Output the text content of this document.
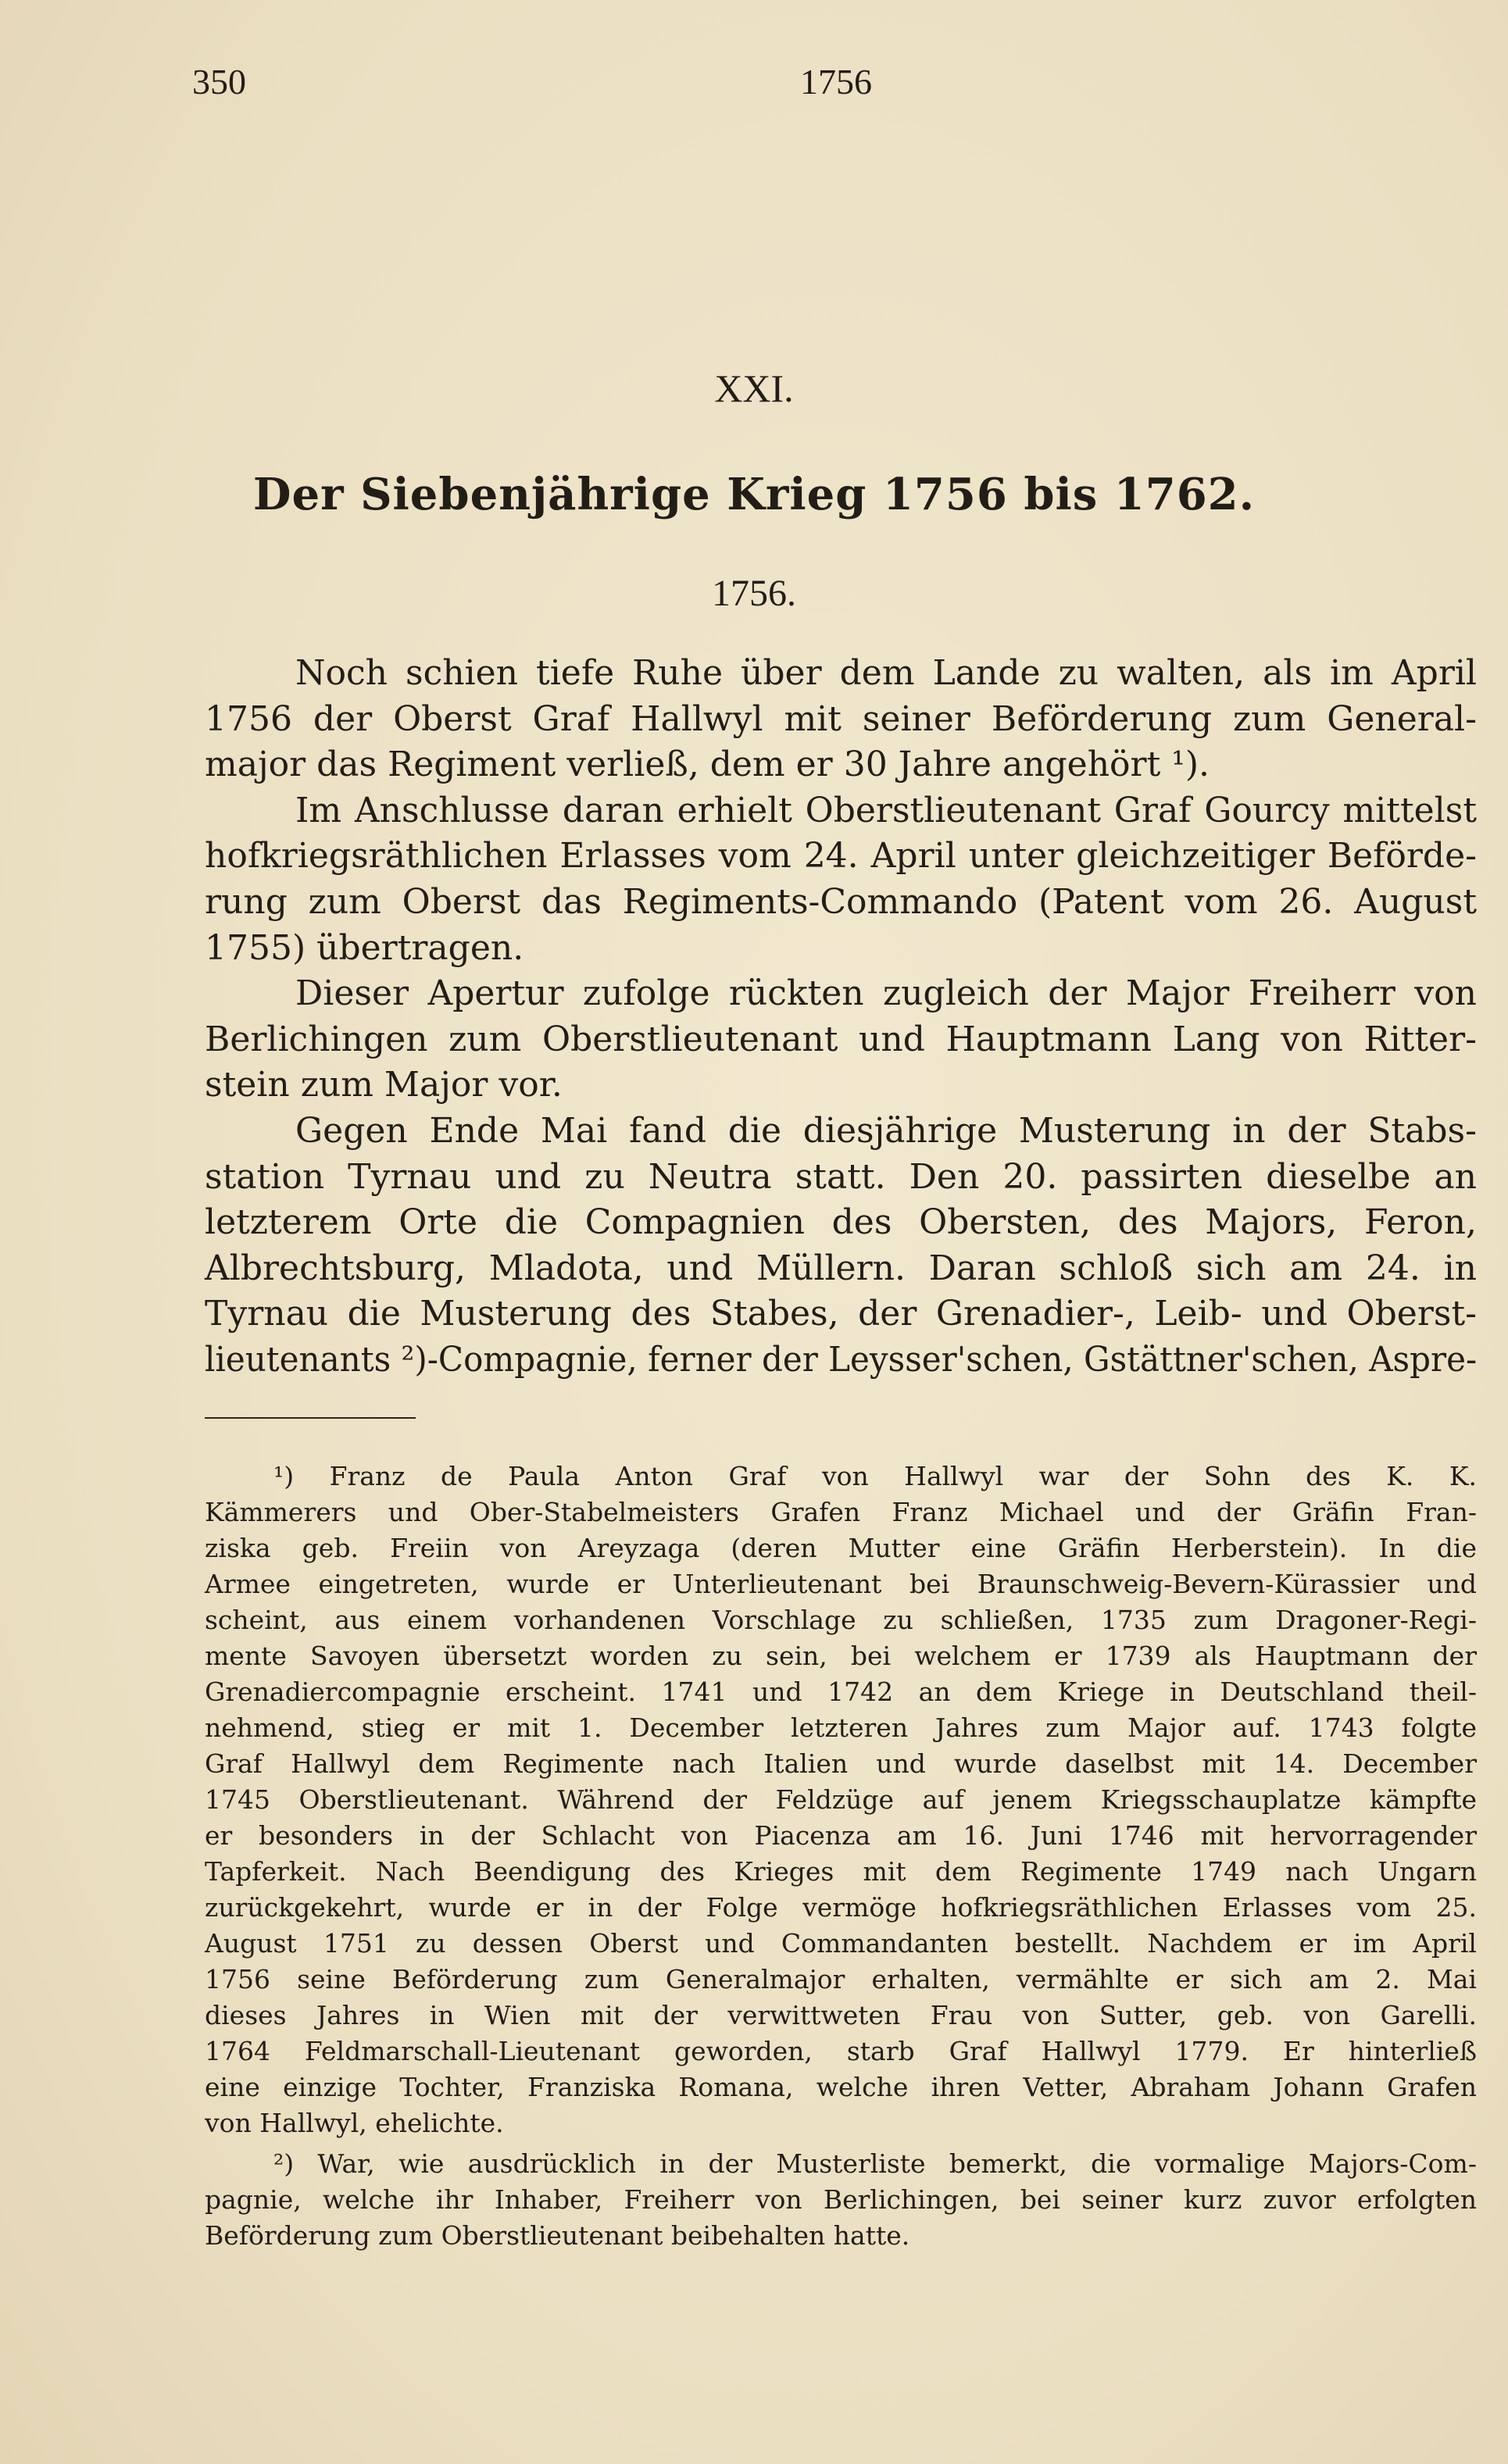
350	1756
XXI.
Der Siebenjährige Krieg 1756 bis 1762.
1756.
Noch schien tiefe Ruhe über dem Lande zu walten, als im April
1756 der Oberst Graf Hallwyl mit seiner Beförderung zum General-
major das Regiment verließ, dem er 30 Jahre angehört ¹).
Im Anschlusse daran erhielt Oberstlieutenant Graf Gourcy mittelst
hofkriegsräthlichen Erlasses vom 24. April unter gleichzeitiger Beförde-
rung zum Oberst das Regiments-Commando (Patent vom 26. August
1755) übertragen.
Dieser Apertur zufolge rückten zugleich der Major Freiherr von
Berlichingen zum Oberstlieutenant und Hauptmann Lang von Ritter-
stein zum Major vor.
Gegen Ende Mai fand die diesjährige Musterung in der Stabs-
station Tyrnau und zu Neutra statt. Den 20. passirten dieselbe an
letzterem Orte die Compagnien des Obersten, des Majors, Feron,
Albrechtsburg, Mladota, und Müllern. Daran schloß sich am 24. in
Tyrnau die Musterung des Stabes, der Grenadier-, Leib- und Oberst-
lieutenants ²)-Compagnie, ferner der Leysser'schen, Gstättner'schen, Aspre-
¹) Franz de Paula Anton Graf von Hallwyl war der Sohn des K. K.
Kämmerers und Ober-Stabelmeisters Grafen Franz Michael und der Gräfin Fran-
ziska geb. Freiin von Areyzaga (deren Mutter eine Gräfin Herberstein). In die
Armee eingetreten, wurde er Unterlieutenant bei Braunschweig-Bevern-Kürassier und
scheint, aus einem vorhandenen Vorschlage zu schließen, 1735 zum Dragoner-Regi-
mente Savoyen übersetzt worden zu sein, bei welchem er 1739 als Hauptmann der
Grenadiercompagnie erscheint. 1741 und 1742 an dem Kriege in Deutschland theil-
nehmend, stieg er mit 1. December letzteren Jahres zum Major auf. 1743 folgte
Graf Hallwyl dem Regimente nach Italien und wurde daselbst mit 14. December
1745 Oberstlieutenant. Während der Feldzüge auf jenem Kriegsschauplatze kämpfte
er besonders in der Schlacht von Piacenza am 16. Juni 1746 mit hervorragender
Tapferkeit. Nach Beendigung des Krieges mit dem Regimente 1749 nach Ungarn
zurückgekehrt, wurde er in der Folge vermöge hofkriegsräthlichen Erlasses vom 25.
August 1751 zu dessen Oberst und Commandanten bestellt. Nachdem er im April
1756 seine Beförderung zum Generalmajor erhalten, vermählte er sich am 2. Mai
dieses Jahres in Wien mit der verwittweten Frau von Sutter, geb. von Garelli.
1764 Feldmarschall-Lieutenant geworden, starb Graf Hallwyl 1779. Er hinterließ
eine einzige Tochter, Franziska Romana, welche ihren Vetter, Abraham Johann Grafen
von Hallwyl, ehelichte.
²) War, wie ausdrücklich in der Musterliste bemerkt, die vormalige Majors-Com-
pagnie, welche ihr Inhaber, Freiherr von Berlichingen, bei seiner kurz zuvor erfolgten
Beförderung zum Oberstlieutenant beibehalten hatte.
